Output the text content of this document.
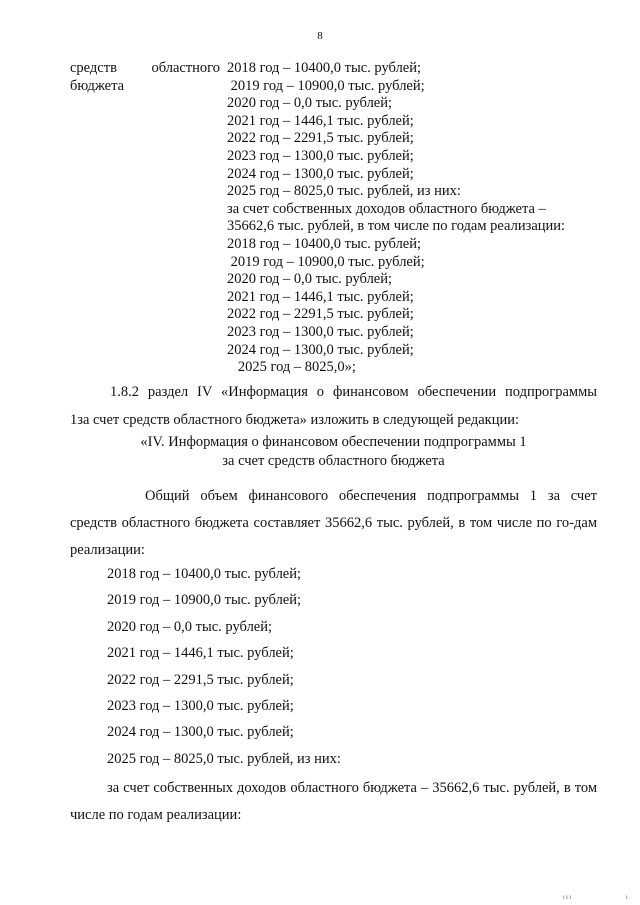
8
средств областного
бюджета
2018 год – 10400,0 тыс. рублей;
2019 год – 10900,0 тыс. рублей;
2020 год – 0,0 тыс. рублей;
2021 год – 1446,1 тыс. рублей;
2022 год – 2291,5 тыс. рублей;
2023 год – 1300,0 тыс. рублей;
2024 год – 1300,0 тыс. рублей;
2025 год – 8025,0 тыс. рублей, из них:
за счет собственных доходов областного бюджета –
35662,6 тыс. рублей, в том числе по годам реализации:
2018 год – 10400,0 тыс. рублей;
2019 год – 10900,0 тыс. рублей;
2020 год – 0,0 тыс. рублей;
2021 год – 1446,1 тыс. рублей;
2022 год – 2291,5 тыс. рублей;
2023 год – 1300,0 тыс. рублей;
2024 год – 1300,0 тыс. рублей;
2025 год – 8025,0»;
1.8.2 раздел IV «Информация о финансовом обеспечении подпрограммы
1за счет средств областного бюджета» изложить в следующей редакции:
«IV. Информация о финансовом обеспечении подпрограммы 1
за счет средств областного бюджета
Общий объем финансового обеспечения подпрограммы 1 за счет средств областного бюджета составляет 35662,6 тыс. рублей, в том числе по го-дам реализации:
2018 год – 10400,0 тыс. рублей;
2019 год – 10900,0 тыс. рублей;
2020 год – 0,0 тыс. рублей;
2021 год – 1446,1 тыс. рублей;
2022 год – 2291,5 тыс. рублей;
2023 год – 1300,0 тыс. рублей;
2024 год – 1300,0 тыс. рублей;
2025 год – 8025,0 тыс. рублей, из них:
за счет собственных доходов областного бюджета – 35662,6 тыс. рублей, в том числе по годам реализации:
і і і	і
